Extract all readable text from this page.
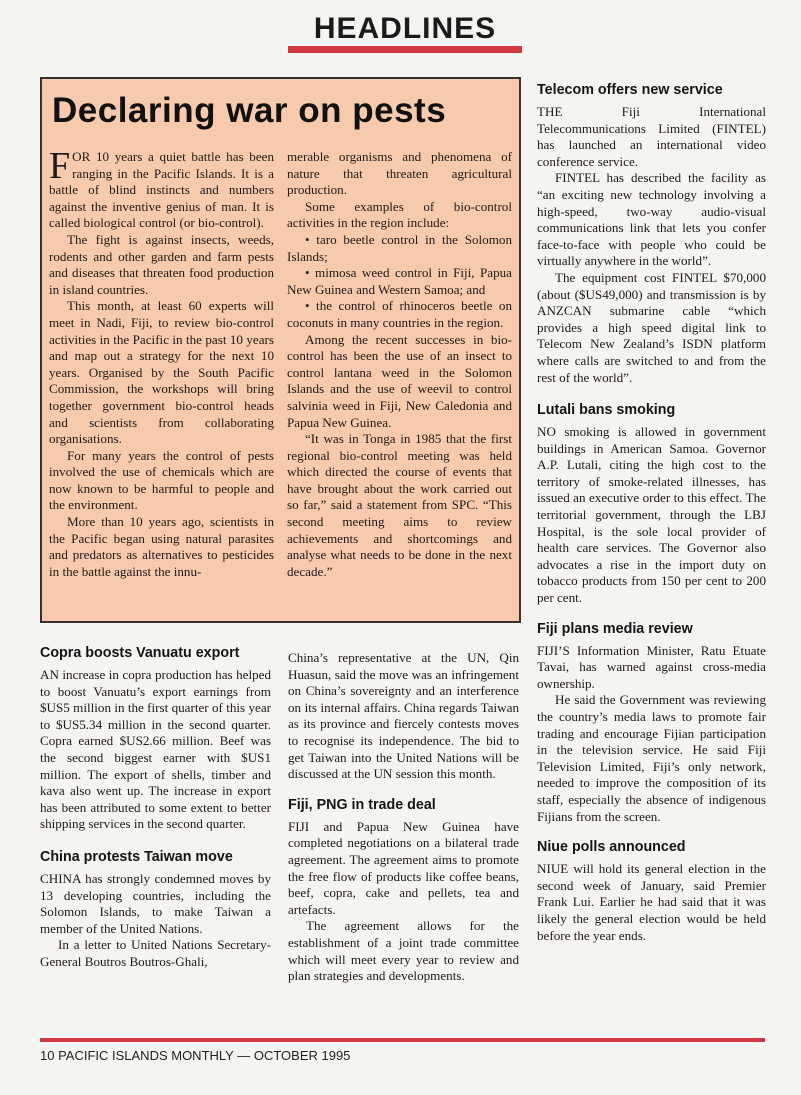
HEADLINES
Declaring war on pests

FOR 10 years a quiet battle has been ranging in the Pacific Islands. It is a battle of blind instincts and numbers against the inventive genius of man. It is called biological control (or bio-control).

The fight is against insects, weeds, rodents and other garden and farm pests and diseases that threaten food production in island countries.

This month, at least 60 experts will meet in Nadi, Fiji, to review bio-control activities in the Pacific in the past 10 years and map out a strategy for the next 10 years. Organised by the South Pacific Commission, the workshops will bring together government bio-control heads and scientists from collaborating organisations.

For many years the control of pests involved the use of chemicals which are now known to be harmful to people and the environment.

More than 10 years ago, scientists in the Pacific began using natural parasites and predators as alternatives to pesticides in the battle against the innu-

merable organisms and phenomena of nature that threaten agricultural production.

Some examples of bio-control activities in the region include:

• taro beetle control in the Solomon Islands;

• mimosa weed control in Fiji, Papua New Guinea and Western Samoa; and

• the control of rhinoceros beetle on coconuts in many countries in the region.

Among the recent successes in bio-control has been the use of an insect to control lantana weed in the Solomon Islands and the use of weevil to control salvinia weed in Fiji, New Caledonia and Papua New Guinea.

“It was in Tonga in 1985 that the first regional bio-control meeting was held which directed the course of events that have brought about the work carried out so far,” said a statement from SPC. “This second meeting aims to review achievements and shortcomings and analyse what needs to be done in the next decade.”

Copra boosts Vanuatu export

AN increase in copra production has helped to boost Vanuatu’s export earnings from $US5 million in the first quarter of this year to $US5.34 million in the second quarter. Copra earned $US2.66 million. Beef was the second biggest earner with $US1 million. The export of shells, timber and kava also went up. The increase in export has been attributed to some extent to better shipping services in the second quarter.

China protests Taiwan move

CHINA has strongly condemned moves by 13 developing countries, including the Solomon Islands, to make Taiwan a member of the United Nations.

In a letter to United Nations Secretary-General Boutros Boutros-Ghali,

China’s representative at the UN, Qin Huasun, said the move was an infringement on China’s sovereignty and an interference on its internal affairs. China regards Taiwan as its province and fiercely contests moves to recognise its independence. The bid to get Taiwan into the United Nations will be discussed at the UN session this month.

Fiji, PNG in trade deal

FIJI and Papua New Guinea have completed negotiations on a bilateral trade agreement. The agreement aims to promote the free flow of products like coffee beans, beef, copra, cake and pellets, tea and artefacts.

The agreement allows for the establishment of a joint trade committee which will meet every year to review and plan strategies and developments.

Telecom offers new service

THE Fiji International Telecommunications Limited (FINTEL) has launched an international video conference service.

FINTEL has described the facility as “an exciting new technology involving a high-speed, two-way audio-visual communications link that lets you confer face-to-face with people who could be virtually anywhere in the world”.

The equipment cost FINTEL $70,000 (about ($US49,000) and transmission is by ANZCAN submarine cable “which provides a high speed digital link to Telecom New Zealand’s ISDN platform where calls are switched to and from the rest of the world”.

Lutali bans smoking

NO smoking is allowed in government buildings in American Samoa. Governor A.P. Lutali, citing the high cost to the territory of smoke-related illnesses, has issued an executive order to this effect. The territorial government, through the LBJ Hospital, is the sole local provider of health care services. The Governor also advocates a rise in the import duty on tobacco products from 150 per cent to 200 per cent.

Fiji plans media review

FIJI’S Information Minister, Ratu Etuate Tavai, has warned against cross-media ownership.

He said the Government was reviewing the country’s media laws to promote fair trading and encourage Fijian participation in the television service. He said Fiji Television Limited, Fiji’s only network, needed to improve the composition of its staff, especially the absence of indigenous Fijians from the screen.

Niue polls announced

NIUE will hold its general election in the second week of January, said Premier Frank Lui. Earlier he had said that it was likely the general election would be held before the year ends.

10 PACIFIC ISLANDS MONTHLY — OCTOBER 1995
